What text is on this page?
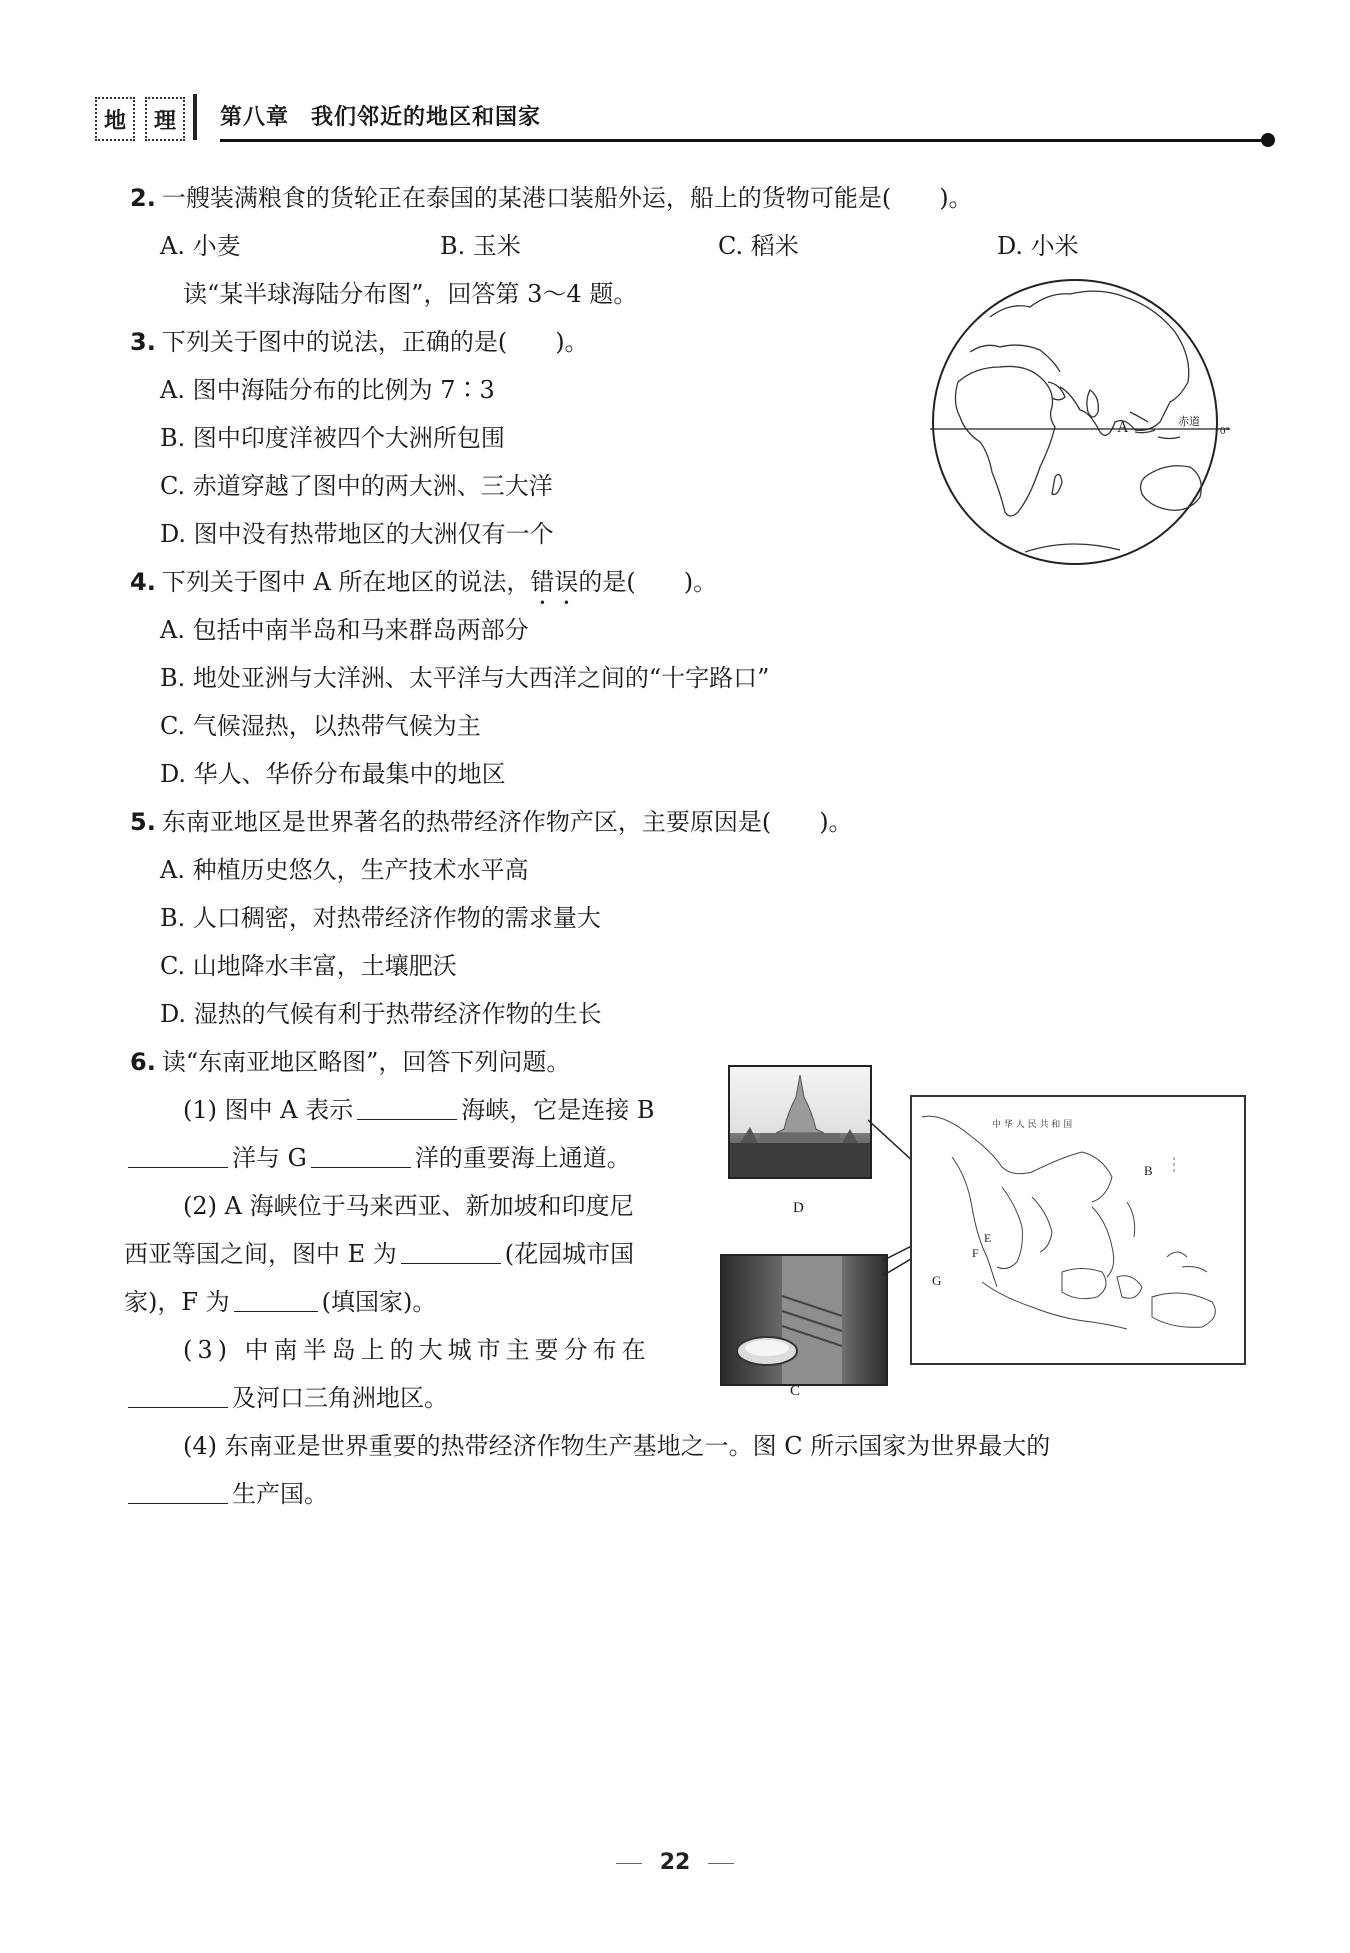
地 理 第八章 我们邻近的地区和国家
2. 一艘装满粮食的货轮正在泰国的某港口装船外运，船上的货物可能是(　　)。
A. 小麦	B. 玉米	C. 稻米	D. 小米
读“某半球海陆分布图”，回答第 3～4 题。
3. 下列关于图中的说法，正确的是(　　)。
A. 图中海陆分布的比例为 7∶3
B. 图中印度洋被四个大洲所包围
C. 赤道穿越了图中的两大洲、三大洋
D. 图中没有热带地区的大洲仅有一个
A	赤道
0°
4. 下列关于图中 A 所在地区的说法，错误的是(　　)。
A. 包括中南半岛和马来群岛两部分
B. 地处亚洲与大洋洲、太平洋与大西洋之间的“十字路口”
C. 气候湿热，以热带气候为主
D. 华人、华侨分布最集中的地区
5. 东南亚地区是世界著名的热带经济作物产区，主要原因是(　　)。
A. 种植历史悠久，生产技术水平高
B. 人口稠密，对热带经济作物的需求量大
C. 山地降水丰富，土壤肥沃
D. 湿热的气候有利于热带经济作物的生长
6. 读“东南亚地区略图”，回答下列问题。
(1) 图中 A 表示	海峡，它是连接 B
洋与 G	洋的重要海上通道。
(2) A 海峡位于马来西亚、新加坡和印度尼
西亚等国之间，图中 E 为	(花园城市国
家)，F 为	(填国家)。
(3) 中南半岛上的大城市主要分布在
及河口三角洲地区。
(4) 东南亚是世界重要的热带经济作物生产基地之一。图 C 所示国家为世界最大的
生产国。
D
C
中 华 人 民 共 和 国
B
G
E
F
22
